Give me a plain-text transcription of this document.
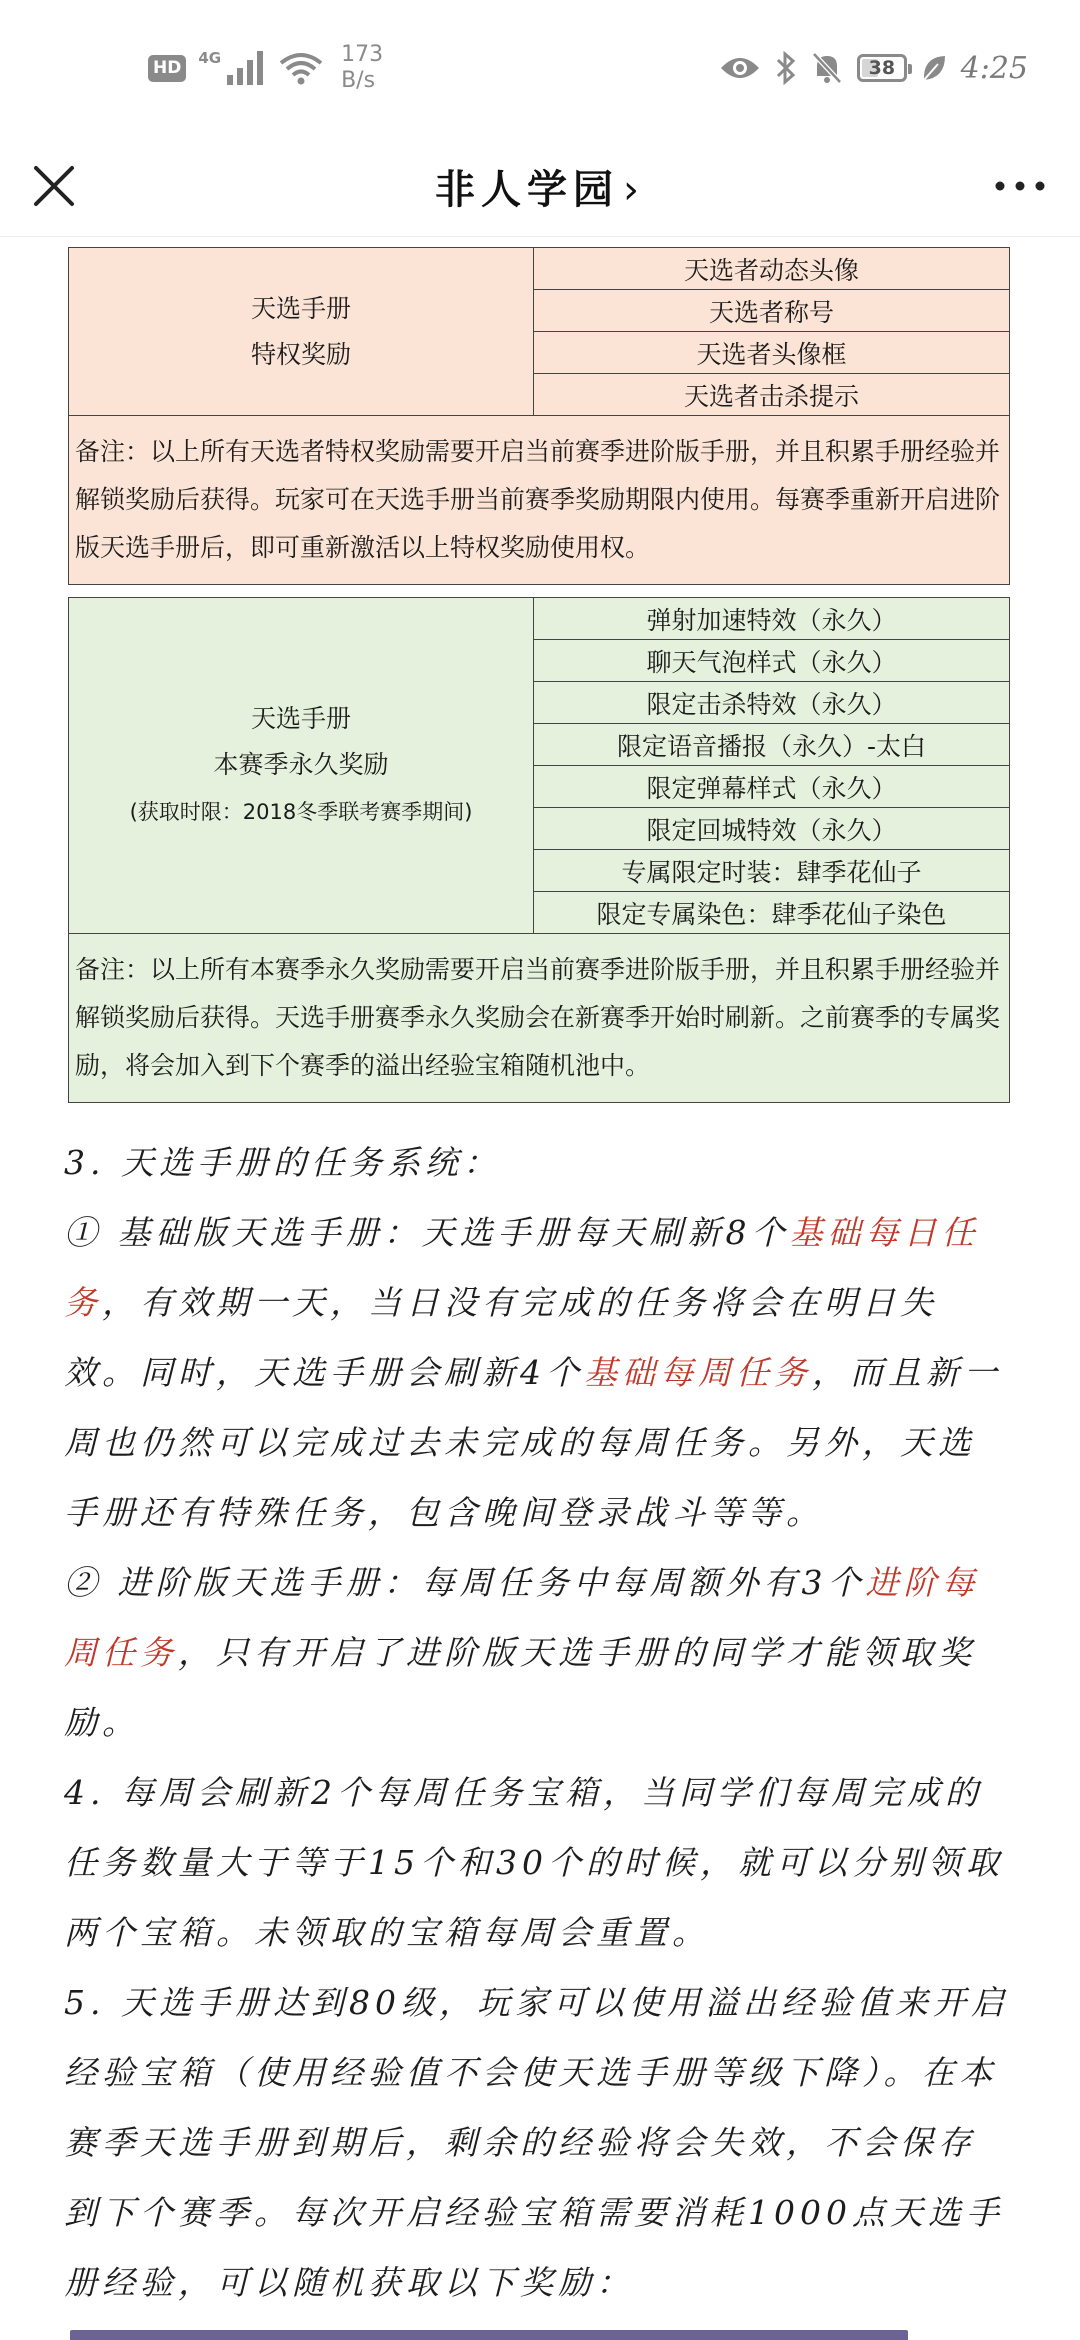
HD	4G	173
B/s	38 4:25
非人学园 ›
天选手册
特权奖励	天选者动态头像
天选者称号
天选者头像框
天选者击杀提示
备注：以上所有天选者特权奖励需要开启当前赛季进阶版手册，并且积累手册经验并解锁奖励后获得。玩家可在天选手册当前赛季奖励期限内使用。每赛季重新开启进阶版天选手册后，即可重新激活以上特权奖励使用权。
天选手册
本赛季永久奖励
(获取时限：2018冬季联考赛季期间)	弹射加速特效（永久）
聊天气泡样式（永久）
限定击杀特效（永久）
限定语音播报（永久）-太白
限定弹幕样式（永久）
限定回城特效（永久）
专属限定时装：肆季花仙子
限定专属染色：肆季花仙子染色
备注：以上所有本赛季永久奖励需要开启当前赛季进阶版手册，并且积累手册经验并解锁奖励后获得。天选手册赛季永久奖励会在新赛季开始时刷新。之前赛季的专属奖励，将会加入到下个赛季的溢出经验宝箱随机池中。

3. 天选手册的任务系统：

① 基础版天选手册：天选手册每天刷新8个基础每日任务，有效期一天，当日没有完成的任务将会在明日失效。同时，天选手册会刷新4个基础每周任务，而且新一周也仍然可以完成过去未完成的每周任务。另外，天选手册还有特殊任务，包含晚间登录战斗等等。

② 进阶版天选手册：每周任务中每周额外有3个进阶每周任务，只有开启了进阶版天选手册的同学才能领取奖励。

4. 每周会刷新2个每周任务宝箱，当同学们每周完成的任务数量大于等于15个和30个的时候，就可以分别领取两个宝箱。未领取的宝箱每周会重置。

5. 天选手册达到80级，玩家可以使用溢出经验值来开启经验宝箱（使用经验值不会使天选手册等级下降）。在本赛季天选手册到期后，剩余的经验将会失效，不会保存到下个赛季。每次开启经验宝箱需要消耗1000点天选手册经验，可以随机获取以下奖励：
